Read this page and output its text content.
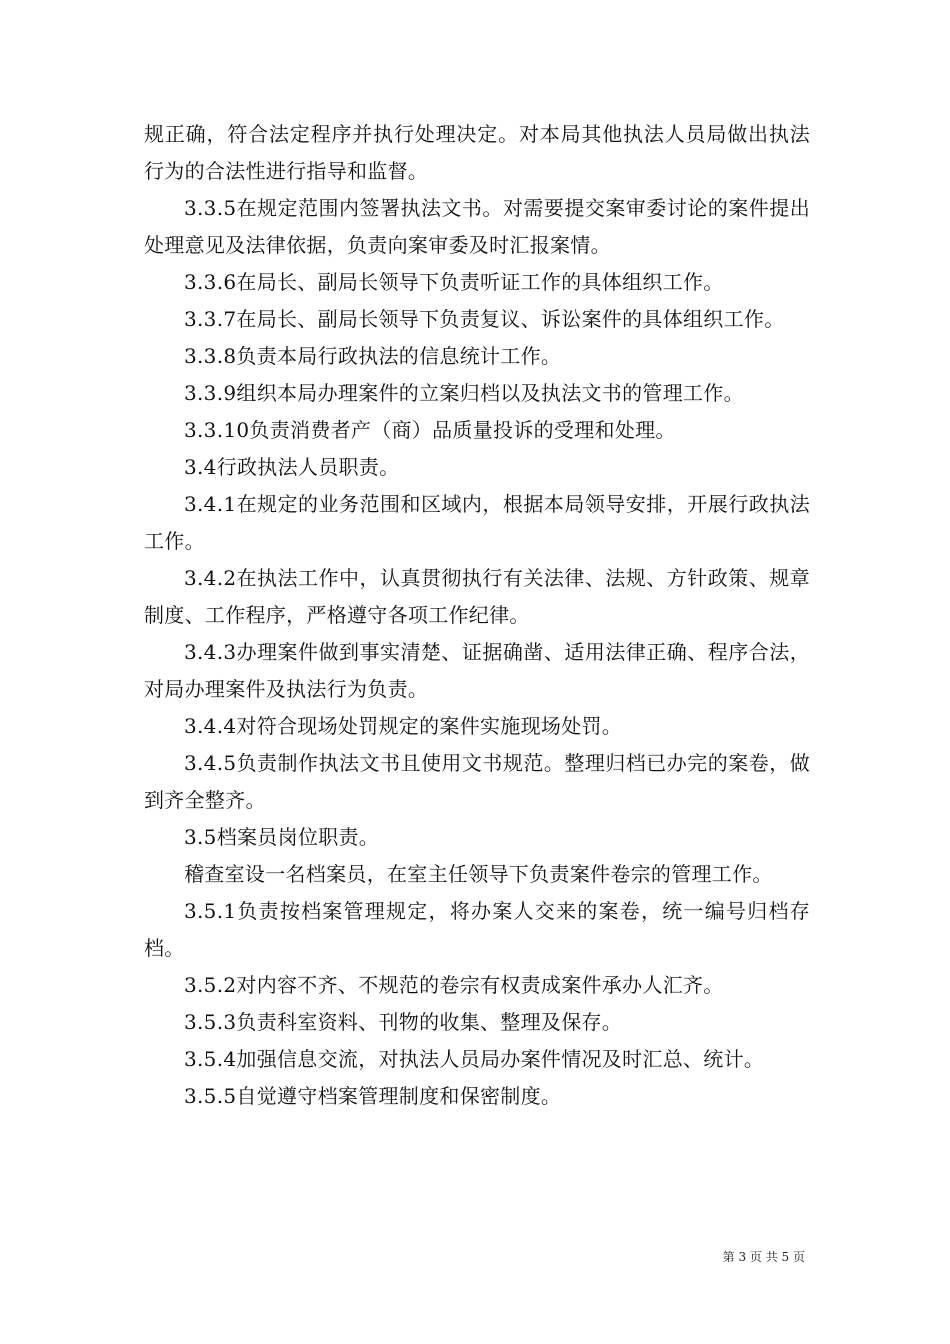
规正确，符合法定程序并执行处理决定。对本局其他执法人员局做出执法行为的合法性进行指导和监督。

3.3.5在规定范围内签署执法文书。对需要提交案审委讨论的案件提出处理意见及法律依据，负责向案审委及时汇报案情。

3.3.6在局长、副局长领导下负责听证工作的具体组织工作。

3.3.7在局长、副局长领导下负责复议、诉讼案件的具体组织工作。

3.3.8负责本局行政执法的信息统计工作。

3.3.9组织本局办理案件的立案归档以及执法文书的管理工作。

3.3.10负责消费者产（商）品质量投诉的受理和处理。

3.4行政执法人员职责。

3.4.1在规定的业务范围和区域内，根据本局领导安排，开展行政执法工作。

3.4.2在执法工作中，认真贯彻执行有关法律、法规、方针政策、规章制度、工作程序，严格遵守各项工作纪律。

3.4.3办理案件做到事实清楚、证据确凿、适用法律正确、程序合法，对局办理案件及执法行为负责。

3.4.4对符合现场处罚规定的案件实施现场处罚。

3.4.5负责制作执法文书且使用文书规范。整理归档已办完的案卷，做到齐全整齐。

3.5档案员岗位职责。

稽查室设一名档案员，在室主任领导下负责案件卷宗的管理工作。

3.5.1负责按档案管理规定，将办案人交来的案卷，统一编号归档存档。

3.5.2对内容不齐、不规范的卷宗有权责成案件承办人汇齐。

3.5.3负责科室资料、刊物的收集、整理及保存。

3.5.4加强信息交流，对执法人员局办案件情况及时汇总、统计。

3.5.5自觉遵守档案管理制度和保密制度。

第 3 页 共 5 页
